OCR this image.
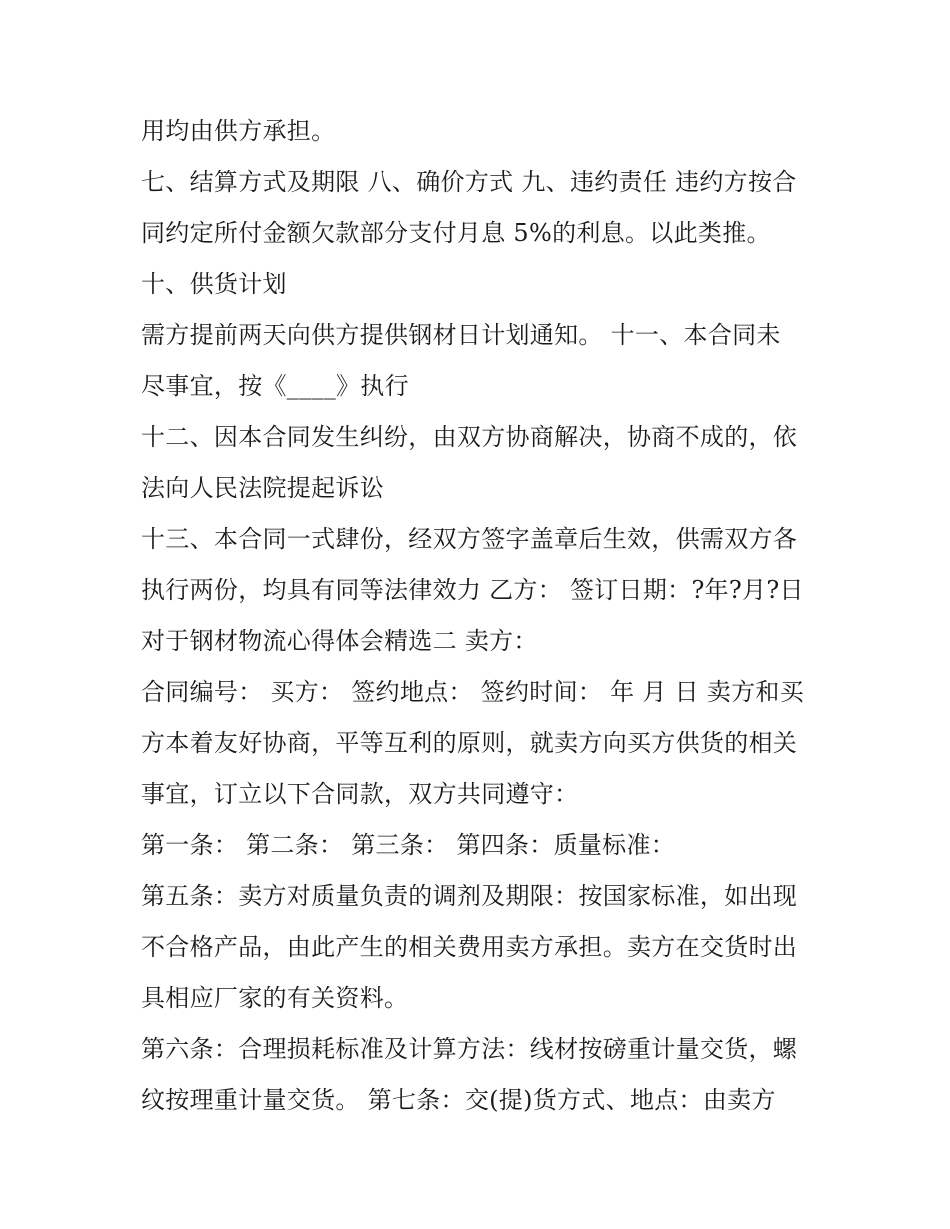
用均由供方承担。
七、结算方式及期限 八、确价方式 九、违约责任 违约方按合
同约定所付金额欠款部分支付月息 5%的利息。以此类推。
十、供货计划
需方提前两天向供方提供钢材日计划通知。 十一、本合同未
尽事宜，按《____》执行
十二、因本合同发生纠纷，由双方协商解决，协商不成的，依
法向人民法院提起诉讼
十三、本合同一式肆份，经双方签字盖章后生效，供需双方各
执行两份，均具有同等法律效力 乙方： 签订日期：?年?月?日
对于钢材物流心得体会精选二 卖方：
合同编号： 买方： 签约地点： 签约时间： 年 月 日 卖方和买
方本着友好协商，平等互利的原则，就卖方向买方供货的相关
事宜，订立以下合同款，双方共同遵守：
第一条： 第二条： 第三条： 第四条：质量标准：
第五条：卖方对质量负责的调剂及期限：按国家标准，如出现
不合格产品，由此产生的相关费用卖方承担。卖方在交货时出
具相应厂家的有关资料。
第六条：合理损耗标准及计算方法：线材按磅重计量交货，螺
纹按理重计量交货。 第七条：交(提)货方式、地点：由卖方
